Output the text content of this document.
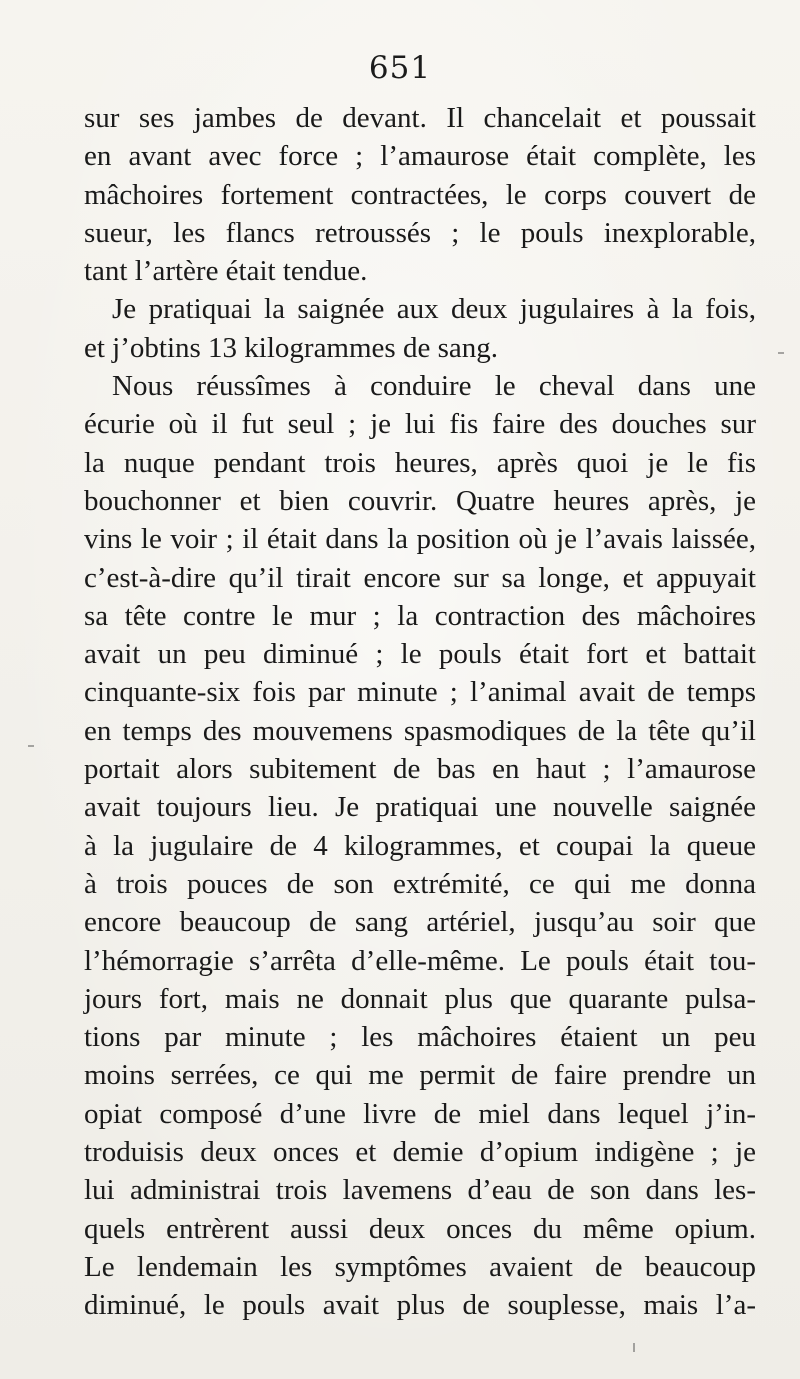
651
sur ses jambes de devant. Il chancelait et poussait
en avant avec force ; l’amaurose était complète, les
mâchoires fortement contractées, le corps couvert de
sueur, les flancs retroussés ; le pouls inexplorable,
tant l’artère était tendue.
Je pratiquai la saignée aux deux jugulaires à la fois,
et j’obtins 13 kilogrammes de sang.
Nous réussîmes à conduire le cheval dans une
écurie où il fut seul ; je lui fis faire des douches sur
la nuque pendant trois heures, après quoi je le fis
bouchonner et bien couvrir. Quatre heures après, je
vins le voir ; il était dans la position où je l’avais laissée,
c’est-à-dire qu’il tirait encore sur sa longe, et appuyait
sa tête contre le mur ; la contraction des mâchoires
avait un peu diminué ; le pouls était fort et battait
cinquante-six fois par minute ; l’animal avait de temps
en temps des mouvemens spasmodiques de la tête qu’il
portait alors subitement de bas en haut ; l’amaurose
avait toujours lieu. Je pratiquai une nouvelle saignée
à la jugulaire de 4 kilogrammes, et coupai la queue
à trois pouces de son extrémité, ce qui me donna
encore beaucoup de sang artériel, jusqu’au soir que
l’hémorragie s’arrêta d’elle-même. Le pouls était tou-
jours fort, mais ne donnait plus que quarante pulsa-
tions par minute ; les mâchoires étaient un peu
moins serrées, ce qui me permit de faire prendre un
opiat composé d’une livre de miel dans lequel j’in-
troduisis deux onces et demie d’opium indigène ; je
lui administrai trois lavemens d’eau de son dans les-
quels entrèrent aussi deux onces du même opium.
Le lendemain les symptômes avaient de beaucoup
diminué, le pouls avait plus de souplesse, mais l’a-
